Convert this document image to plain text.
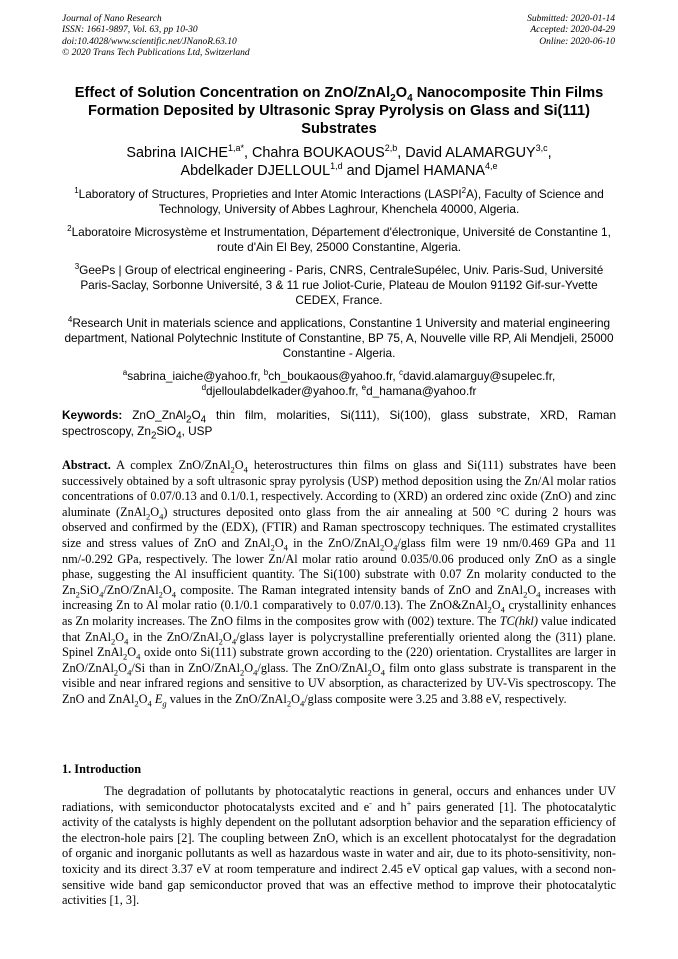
Journal of Nano Research
ISSN: 1661-9897, Vol. 63, pp 10-30
doi:10.4028/www.scientific.net/JNanoR.63.10
© 2020 Trans Tech Publications Ltd, Switzerland
Submitted: 2020-01-14
Accepted: 2020-04-29
Online: 2020-06-10
Effect of Solution Concentration on ZnO/$ZnAl_2O_4$ Nanocomposite Thin Films Formation Deposited by Ultrasonic Spray Pyrolysis on Glass and Si(111) Substrates
Sabrina $IAICHE^{1,a*}$, Chahra BOUKAOUS$^{2,b}$, David ALAMARGUY$^{3,c}$,
Abdelkader DJELLOUL$^{1,d}$ and Djamel HAMANA$^{4,e}$

$^1$Laboratory of Structures, Proprieties and Inter Atomic Interactions (LASPI$^2$A), Faculty of Science and Technology, University of Abbes Laghrour, Khenchela 40000, Algeria.

$^2$Laboratoire Microsystème et Instrumentation, Département d'électronique, Université de Constantine 1, route d'Ain El Bey, 25000 Constantine, Algeria.

$^3$GeePs | Group of electrical engineering - Paris, CNRS, CentraleSupélec, Univ. Paris-Sud, Université Paris-Saclay, Sorbonne Université, 3 & 11 rue Joliot-Curie, Plateau de Moulon 91192 Gif-sur-Yvette CEDEX, France.

$^4$Research Unit in materials science and applications, Constantine 1 University and material engineering department, National Polytechnic Institute of Constantine, BP 75, A, Nouvelle ville RP, Ali Mendjeli, 25000 Constantine - Algeria.

$^a$sabrina_iaiche@yahoo.fr, $^b$ch_boukaous@yahoo.fr, $^c$david.alamarguy@supelec.fr,
$^d$djelloulabdelkader@yahoo.fr, $^e$d_hamana@yahoo.fr

Keywords: $ZnO\_ZnAl_2O_4$ thin film, molarities, Si(111), Si(100), glass substrate, XRD, Raman spectroscopy, $Zn_2SiO_4$, USP
Abstract. A complex ZnO/$ZnAl_2O_4$ heterostructures thin films on glass and Si(111) substrates have been successively obtained by a soft ultrasonic spray pyrolysis (USP) method deposition using the Zn/Al molar ratios concentrations of 0.07/0.13 and 0.1/0.1, respectively. According to (XRD) an ordered zinc oxide (ZnO) and zinc aluminate $(ZnAl_2O_4)$ structures deposited onto glass from the air annealing at 500 °C during 2 hours was observed and confirmed by the (EDX), (FTIR) and Raman spectroscopy techniques. The estimated crystallites size and stress values of ZnO and $ZnAl_2O_4$ in the ZnO/$ZnAl_2O_4$/glass film were 19 nm/0.469 GPa and 11 nm/-0.292 GPa, respectively. The lower Zn/Al molar ratio around 0.035/0.06 produced only ZnO as a single phase, suggesting the Al insufficient quantity. The Si(100) substrate with 0.07 Zn molarity conducted to the $Zn_2SiO_4/ZnO/ZnAl_2O_4$ composite. The Raman integrated intensity bands of ZnO and $ZnAl_2O_4$ increases with increasing Zn to Al molar ratio (0.1/0.1 comparatively to 0.07/0.13). The $ZnO\&ZnAl_2O_4$ crystallinity enhances as Zn molarity increases. The ZnO films in the composites grow with (002) texture. The TC(hkl) value indicated that $ZnAl_2O_4$ in the ZnO/$ZnAl_2O_4$/glass layer is polycrystalline preferentially oriented along the (311) plane. Spinel $ZnAl_2O_4$ oxide onto Si(111) substrate grown according to the (220) orientation. Crystallites are larger in ZnO/$ZnAl_2O_4/Si$ than in ZnO/$ZnAl_2O_4$/glass. The ZnO/$ZnAl_2O_4$ film onto glass substrate is transparent in the visible and near infrared regions and sensitive to UV absorption, as characterized by UV-Vis spectroscopy. The ZnO and $ZnAl_2O_4$ $E_g$ values in the ZnO/$ZnAl_2O_4$/glass composite were 3.25 and 3.88 eV, respectively.
1. Introduction
The degradation of pollutants by photocatalytic reactions in general, occurs and enhances under UV radiations, with semiconductor photocatalysts excited and e- and h+ pairs generated [1]. The photocatalytic activity of the catalysts is highly dependent on the pollutant adsorption behavior and the separation efficiency of the electron-hole pairs [2]. The coupling between ZnO, which is an excellent photocatalyst for the degradation of organic and inorganic pollutants as well as hazardous waste in water and air, due to its photo-sensitivity, non-toxicity and its direct 3.37 eV at room temperature and indirect 2.45 eV optical gap values, with a second non-sensitive wide band gap semiconductor proved that was an effective method to improve their photocatalytic activities [1, 3].
